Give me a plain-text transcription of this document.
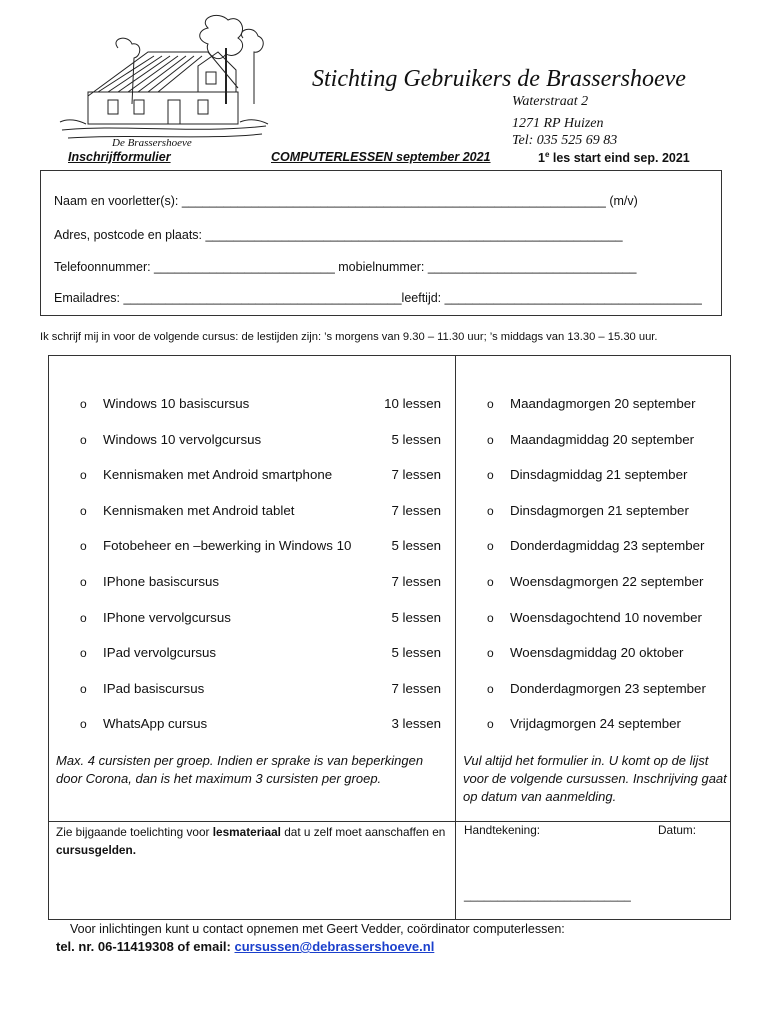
Stichting Gebruikers de Brassershoeve
Waterstraat 2
1271 RP Huizen
Tel: 035 525 69 83
De Brassershoeve
Inschrijfformulier	COMPUTERLESSEN september 2021	1e les start eind sep. 2021
Naam en voorletter(s): _____________________________________________________________ (m/v)
Adres, postcode en plaats: ____________________________________________________________
Telefoonnummer: __________________________ mobielnummer: ______________________________
Emailadres: ________________________________________leeftijd: _____________________________________
Ik schrijf mij in voor de volgende cursus: de lestijden zijn: ’s morgens van 9.30 – 11.30 uur; ’s middags van 13.30 – 15.30 uur.
o Windows 10 basiscursus	10 lessen	o Maandagmorgen 20 september
o Windows 10 vervolgcursus	5 lessen	o Maandagmiddag 20 september
o Kennismaken met Android smartphone	7 lessen	o Dinsdagmiddag 21 september
o Kennismaken met Android tablet	7 lessen	o Dinsdagmorgen 21 september
o Fotobeheer en –bewerking in Windows 10	5 lessen	o Donderdagmiddag 23 september
o IPhone basiscursus	7 lessen	o Woensdagmorgen 22 september
o IPhone vervolgcursus	5 lessen	o Woensdagochtend 10 november
o IPad vervolgcursus	5 lessen	o Woensdagmiddag 20 oktober
o IPad basiscursus	7 lessen	o Donderdagmorgen 23 september
o WhatsApp cursus	3 lessen	o Vrijdagmorgen 24 september
Max. 4 cursisten per groep. Indien er sprake is van beperkingen door Corona, dan is het maximum 3 cursisten per groep.
Vul altijd het formulier in. U komt op de lijst voor de volgende cursussen. Inschrijving gaat op datum van aanmelding.
Zie bijgaande toelichting voor lesmateriaal dat u zelf moet aanschaffen en cursusgelden.
Handtekening:	Datum:
_________________________
Voor inlichtingen kunt u contact opnemen met Geert Vedder, coördinator computerlessen:
tel. nr. 06-11419308 of email: cursussen@debrassershoeve.nl
